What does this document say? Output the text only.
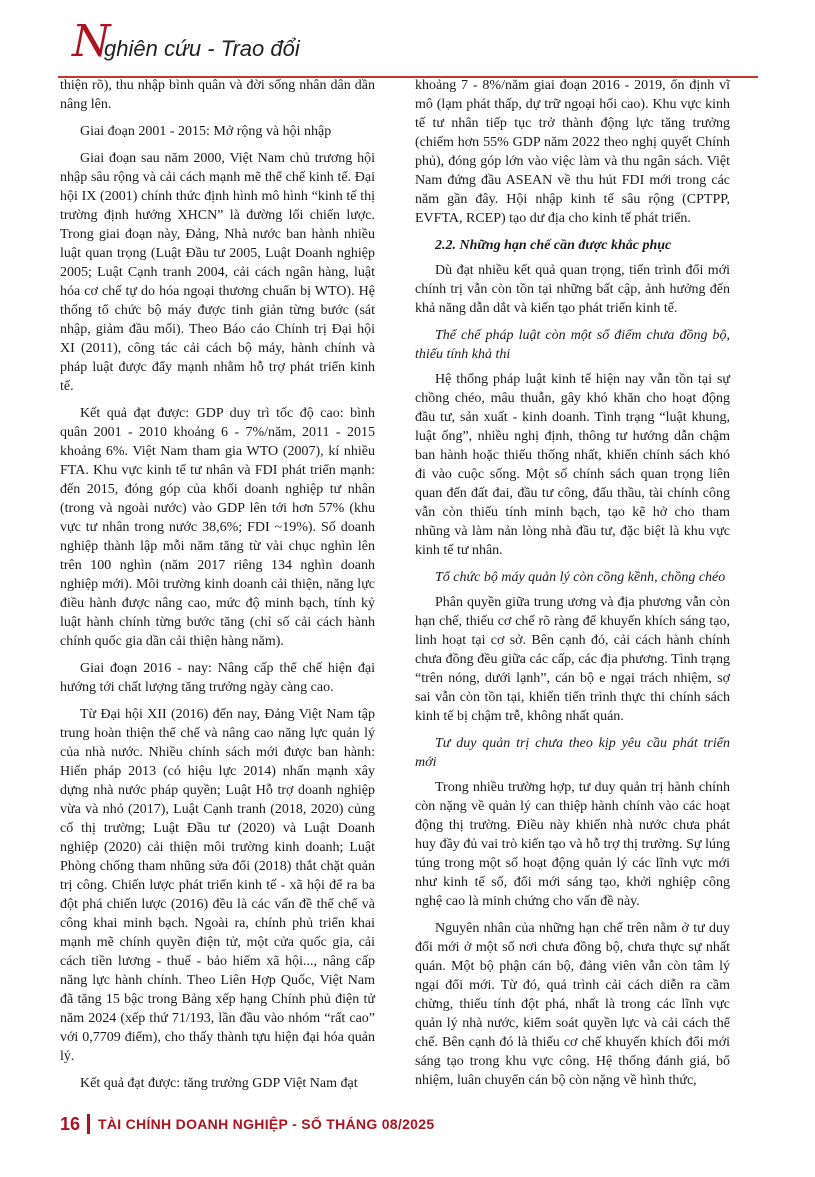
N
ghiên cứu - Trao đổi

thiện rõ), thu nhập bình quân và đời sống nhân dân dần nâng lên.

Giai đoạn 2001 - 2015: Mở rộng và hội nhập

Giai đoạn sau năm 2000, Việt Nam chủ trương hội nhập sâu rộng và cải cách mạnh mẽ thể chế kinh tế. Đại hội IX (2001) chính thức định hình mô hình “kinh tế thị trường định hướng XHCN” là đường lối chiến lược. Trong giai đoạn này, Đảng, Nhà nước ban hành nhiều luật quan trọng (Luật Đầu tư 2005, Luật Doanh nghiệp 2005; Luật Cạnh tranh 2004, cải cách ngân hàng, luật hóa cơ chế tự do hóa ngoại thương chuẩn bị WTO). Hệ thống tổ chức bộ máy được tinh giản từng bước (sát nhập, giảm đầu mối). Theo Báo cáo Chính trị Đại hội XI (2011), công tác cải cách bộ máy, hành chính và pháp luật được đẩy mạnh nhằm hỗ trợ phát triển kinh tế.

Kết quả đạt được: GDP duy trì tốc độ cao: bình quân 2001 - 2010 khoảng 6 - 7%/năm, 2011 - 2015 khoảng 6%. Việt Nam tham gia WTO (2007), kí nhiều FTA. Khu vực kinh tế tư nhân và FDI phát triển mạnh: đến 2015, đóng góp của khối doanh nghiệp tư nhân (trong và ngoài nước) vào GDP lên tới hơn 57% (khu vực tư nhân trong nước 38,6%; FDI ~19%). Số doanh nghiệp thành lập mỗi năm tăng từ vài chục nghìn lên trên 100 nghìn (năm 2017 riêng 134 nghìn doanh nghiệp mới). Môi trường kinh doanh cải thiện, năng lực điều hành được nâng cao, mức độ minh bạch, tính kỷ luật hành chính từng bước tăng (chỉ số cải cách hành chính quốc gia dần cải thiện hàng năm).

Giai đoạn 2016 - nay: Nâng cấp thể chế hiện đại hướng tới chất lượng tăng trưởng ngày càng cao.

Từ Đại hội XII (2016) đến nay, Đảng Việt Nam tập trung hoàn thiện thể chế và nâng cao năng lực quản lý của nhà nước. Nhiều chính sách mới được ban hành: Hiến pháp 2013 (có hiệu lực 2014) nhấn mạnh xây dựng nhà nước pháp quyền; Luật Hỗ trợ doanh nghiệp vừa và nhỏ (2017), Luật Cạnh tranh (2018, 2020) củng cố thị trường; Luật Đầu tư (2020) và Luật Doanh nghiệp (2020) cải thiện môi trường kinh doanh; Luật Phòng chống tham nhũng sửa đổi (2018) thắt chặt quản trị công. Chiến lược phát triển kinh tế - xã hội để ra ba đột phá chiến lược (2016) đều là các vấn đề thể chế và công khai minh bạch. Ngoài ra, chính phủ triển khai mạnh mẽ chính quyền điện tử, một cửa quốc gia, cải cách tiền lương - thuế - bảo hiểm xã hội..., nâng cấp năng lực hành chính. Theo Liên Hợp Quốc, Việt Nam đã tăng 15 bậc trong Bảng xếp hạng Chính phủ điện tử năm 2024 (xếp thứ 71/193, lần đầu vào nhóm “rất cao” với 0,7709 điểm), cho thấy thành tựu hiện đại hóa quản lý.

Kết quả đạt được: tăng trưởng GDP Việt Nam đạt

khoảng 7 - 8%/năm giai đoạn 2016 - 2019, ổn định vĩ mô (lạm phát thấp, dự trữ ngoại hối cao). Khu vực kinh tế tư nhân tiếp tục trở thành động lực tăng trưởng (chiếm hơn 55% GDP năm 2022 theo nghị quyết Chính phủ), đóng góp lớn vào việc làm và thu ngân sách. Việt Nam đứng đầu ASEAN về thu hút FDI mới trong các năm gần đây. Hội nhập kinh tế sâu rộng (CPTPP, EVFTA, RCEP) tạo dư địa cho kinh tế phát triển.

2.2. Những hạn chế cần được khắc phục

Dù đạt nhiều kết quả quan trọng, tiến trình đổi mới chính trị vẫn còn tồn tại những bất cập, ảnh hưởng đến khả năng dẫn dắt và kiến tạo phát triển kinh tế.

Thể chế pháp luật còn một số điểm chưa đồng bộ, thiếu tính khả thi

Hệ thống pháp luật kinh tế hiện nay vẫn tồn tại sự chồng chéo, mâu thuẫn, gây khó khăn cho hoạt động đầu tư, sản xuất - kinh doanh. Tình trạng “luật khung, luật ống”, nhiều nghị định, thông tư hướng dẫn chậm ban hành hoặc thiếu thống nhất, khiến chính sách khó đi vào cuộc sống. Một số chính sách quan trọng liên quan đến đất đai, đầu tư công, đấu thầu, tài chính công vẫn còn thiếu tính minh bạch, tạo kẽ hở cho tham nhũng và làm nản lòng nhà đầu tư, đặc biệt là khu vực kinh tế tư nhân.

Tổ chức bộ máy quản lý còn cồng kềnh, chồng chéo

Phân quyền giữa trung ương và địa phương vẫn còn hạn chế, thiếu cơ chế rõ ràng để khuyến khích sáng tạo, linh hoạt tại cơ sở. Bên cạnh đó, cải cách hành chính chưa đồng đều giữa các cấp, các địa phương. Tình trạng “trên nóng, dưới lạnh”, cán bộ e ngại trách nhiệm, sợ sai vẫn còn tồn tại, khiến tiến trình thực thi chính sách kinh tế bị chậm trễ, không nhất quán.

Tư duy quản trị chưa theo kịp yêu cầu phát triển mới

Trong nhiều trường hợp, tư duy quản trị hành chính còn nặng về quản lý can thiệp hành chính vào các hoạt động thị trường. Điều này khiến nhà nước chưa phát huy đầy đủ vai trò kiến tạo và hỗ trợ thị trường. Sự lúng túng trong một số hoạt động quản lý các lĩnh vực mới như kinh tế số, đổi mới sáng tạo, khởi nghiệp công nghệ cao là minh chứng cho vấn đề này.

Nguyên nhân của những hạn chế trên nằm ở tư duy đổi mới ở một số nơi chưa đồng bộ, chưa thực sự nhất quán. Một bộ phận cán bộ, đảng viên vẫn còn tâm lý ngại đổi mới. Từ đó, quá trình cải cách diễn ra cầm chừng, thiếu tính đột phá, nhất là trong các lĩnh vực quản lý nhà nước, kiểm soát quyền lực và cải cách thể chế. Bên cạnh đó là thiếu cơ chế khuyến khích đổi mới sáng tạo trong khu vực công. Hệ thống đánh giá, bổ nhiệm, luân chuyển cán bộ còn nặng về hình thức,

16 TÀI CHÍNH DOANH NGHIỆP - SỐ THÁNG 08/2025
